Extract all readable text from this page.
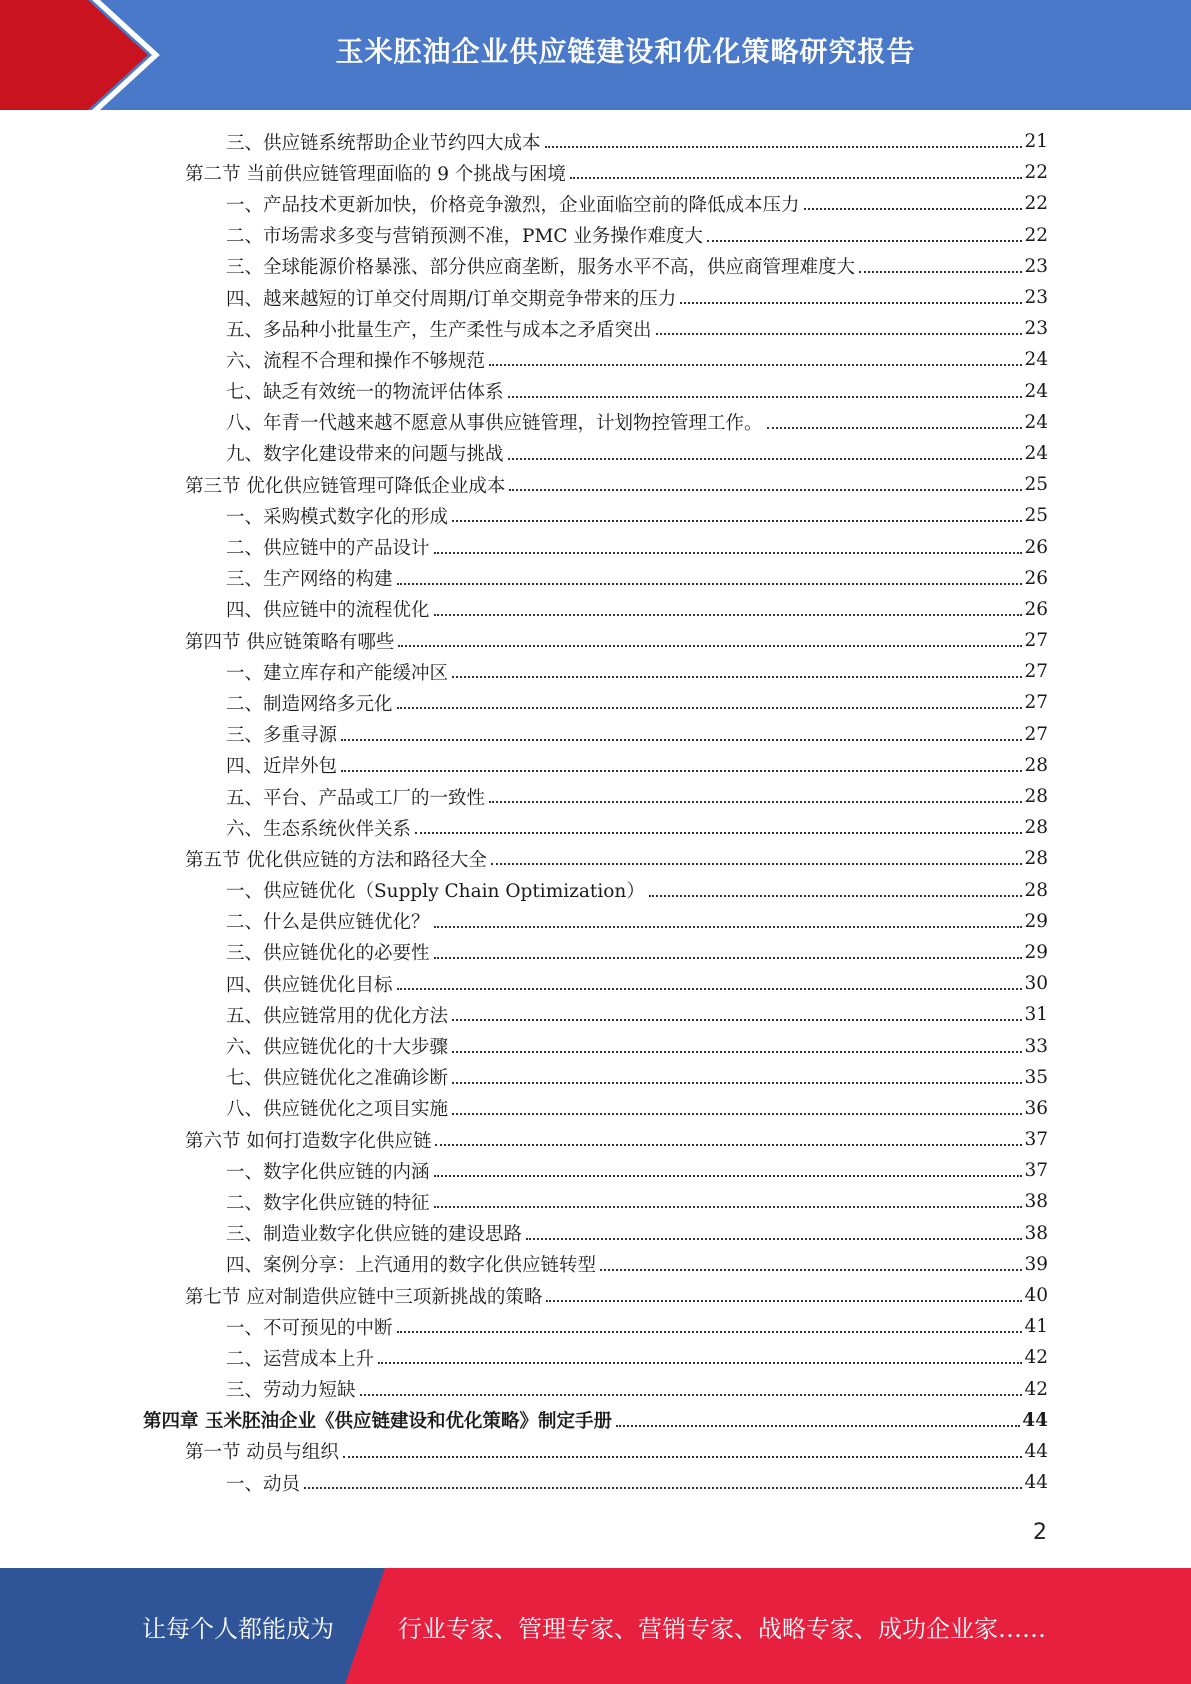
玉米胚油企业供应链建设和优化策略研究报告
三、供应链系统帮助企业节约四大成本	21
第二节 当前供应链管理面临的 9 个挑战与困境	22
一、产品技术更新加快，价格竞争激烈，企业面临空前的降低成本压力	22
二、市场需求多变与营销预测不准，PMC 业务操作难度大	22
三、全球能源价格暴涨、部分供应商垄断，服务水平不高，供应商管理难度大	23
四、越来越短的订单交付周期/订单交期竞争带来的压力	23
五、多品种小批量生产，生产柔性与成本之矛盾突出	23
六、流程不合理和操作不够规范	24
七、缺乏有效统一的物流评估体系	24
八、年青一代越来越不愿意从事供应链管理，计划物控管理工作。	24
九、数字化建设带来的问题与挑战	24
第三节 优化供应链管理可降低企业成本	25
一、采购模式数字化的形成	25
二、供应链中的产品设计	26
三、生产网络的构建	26
四、供应链中的流程优化	26
第四节 供应链策略有哪些	27
一、建立库存和产能缓冲区	27
二、制造网络多元化	27
三、多重寻源	27
四、近岸外包	28
五、平台、产品或工厂的一致性	28
六、生态系统伙伴关系	28
第五节 优化供应链的方法和路径大全	28
一、供应链优化（Supply Chain Optimization）	28
二、什么是供应链优化？	29
三、供应链优化的必要性	29
四、供应链优化目标	30
五、供应链常用的优化方法	31
六、供应链优化的十大步骤	33
七、供应链优化之准确诊断	35
八、供应链优化之项目实施	36
第六节 如何打造数字化供应链	37
一、数字化供应链的内涵	37
二、数字化供应链的特征	38
三、制造业数字化供应链的建设思路	38
四、案例分享：上汽通用的数字化供应链转型	39
第七节 应对制造供应链中三项新挑战的策略	40
一、不可预见的中断	41
二、运营成本上升	42
三、劳动力短缺	42
第四章 玉米胚油企业《供应链建设和优化策略》制定手册	44
第一节 动员与组织	44
一、动员	44
2
让每个人都能成为	行业专家、管理专家、营销专家、战略专家、成功企业家……
